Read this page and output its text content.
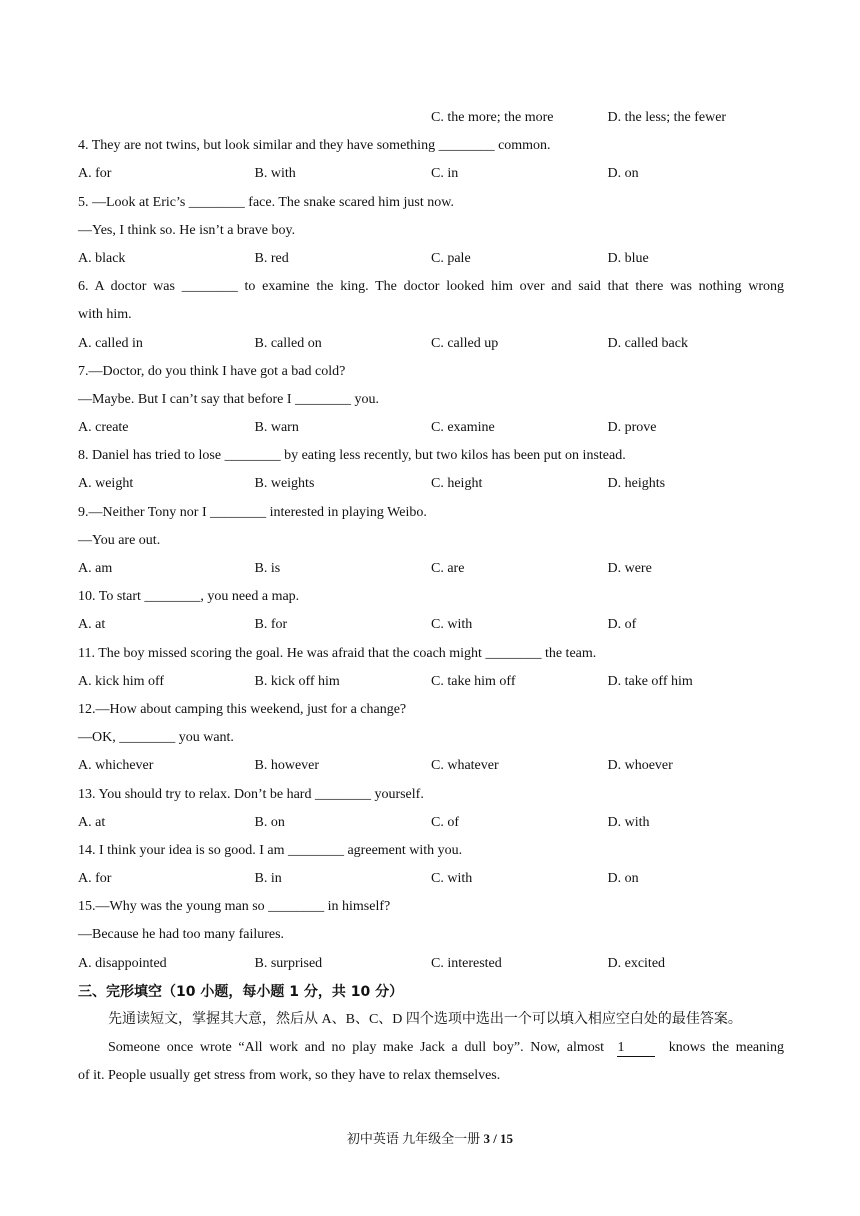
C. the more; the more	D. the less; the fewer
4. They are not twins, but look similar and they have something ________ common.
A. for	B. with	C. in	D. on
5. —Look at Eric’s ________ face. The snake scared him just now.
—Yes, I think so. He isn’t a brave boy.
A. black	B. red	C. pale	D. blue
6. A doctor was ________ to examine the king. The doctor looked him over and said that there was nothing wrong
with him.
A. called in	B. called on	C. called up	D. called back
7.—Doctor, do you think I have got a bad cold?
—Maybe. But I can’t say that before I ________ you.
A. create	B. warn	C. examine	D. prove
8. Daniel has tried to lose ________ by eating less recently, but two kilos has been put on instead.
A. weight	B. weights	C. height	D. heights
9.—Neither Tony nor I ________ interested in playing Weibo.
—You are out.
A. am	B. is	C. are	D. were
10. To start ________, you need a map.
A. at	B. for	C. with	D. of
11. The boy missed scoring the goal. He was afraid that the coach might ________ the team.
A. kick him off	B. kick off him	C. take him off	D. take off him
12.—How about camping this weekend, just for a change?
—OK, ________ you want.
A. whichever	B. however	C. whatever	D. whoever
13. You should try to relax. Don’t be hard ________ yourself.
A. at	B. on	C. of	D. with
14. I think your idea is so good. I am ________ agreement with you.
A. for	B. in	C. with	D. on
15.—Why was the young man so ________ in himself?
—Because he had too many failures.
A. disappointed	B. surprised	C. interested	D. excited
三、完形填空（10 小题，每小题 1 分，共 10 分）
先通读短文，掌握其大意，然后从 A、B、C、D 四个选项中选出一个可以填入相应空白处的最佳答案。
Someone once wrote “All work and no play make Jack a dull boy”. Now, almost 1	knows the meaning
of it. People usually get stress from work, so they have to relax themselves.
初中英语 九年级全一册 3 / 15
